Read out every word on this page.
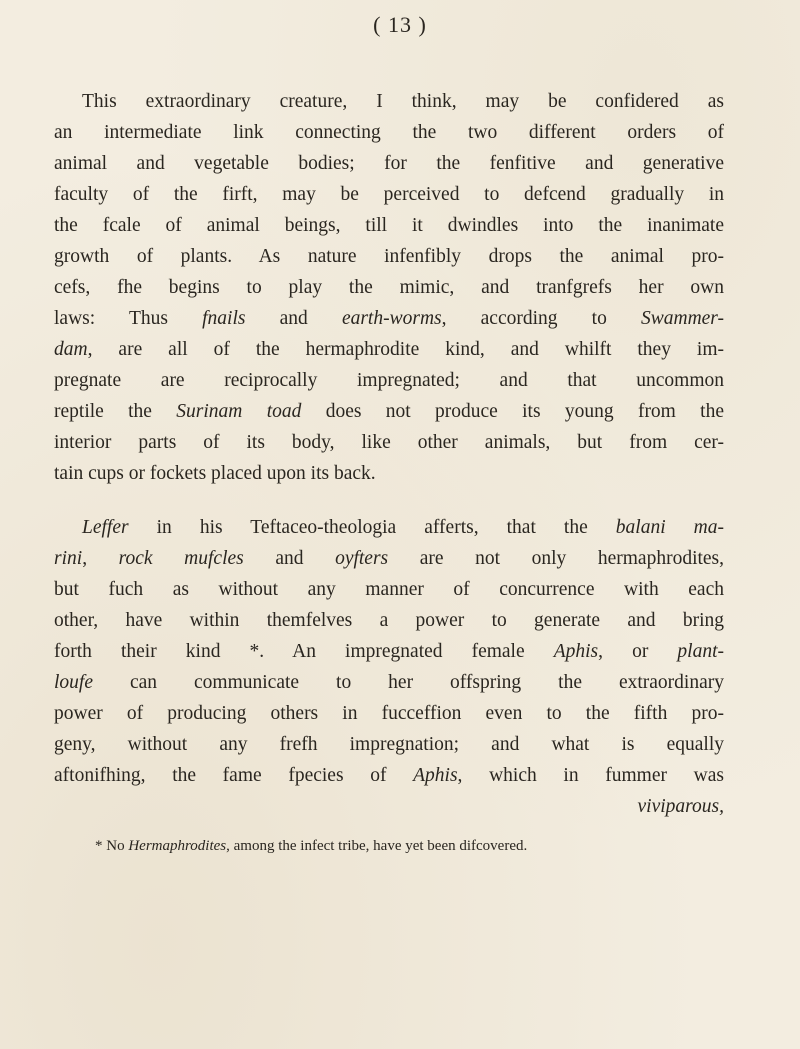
( 13 )
This extraordinary creature, I think, may be confidered as
an intermediate link connecting the two different orders of
animal and vegetable bodies; for the fenfitive and generative
faculty of the firft, may be perceived to defcend gradually in
the fcale of animal beings, till it dwindles into the inanimate
growth of plants. As nature infenfibly drops the animal pro-
cefs, fhe begins to play the mimic, and tranfgrefs her own
laws: Thus fnails and earth-worms, according to Swammer-
dam, are all of the hermaphrodite kind, and whilft they im-
pregnate are reciprocally impregnated; and that uncommon
reptile the Surinam toad does not produce its young from the
interior parts of its body, like other animals, but from cer-
tain cups or fockets placed upon its back.
Leffer in his Teftaceo-theologia afferts, that the balani ma-
rini, rock mufcles and oyfters are not only hermaphrodites,
but fuch as without any manner of concurrence with each
other, have within themfelves a power to generate and bring
forth their kind *. An impregnated female Aphis, or plant-
loufe can communicate to her offspring the extraordinary
power of producing others in fucceffion even to the fifth pro-
geny, without any frefh impregnation; and what is equally
aftonifhing, the fame fpecies of Aphis, which in fummer was
viviparous,
* No Hermaphrodites, among the infect tribe, have yet been difcovered.
